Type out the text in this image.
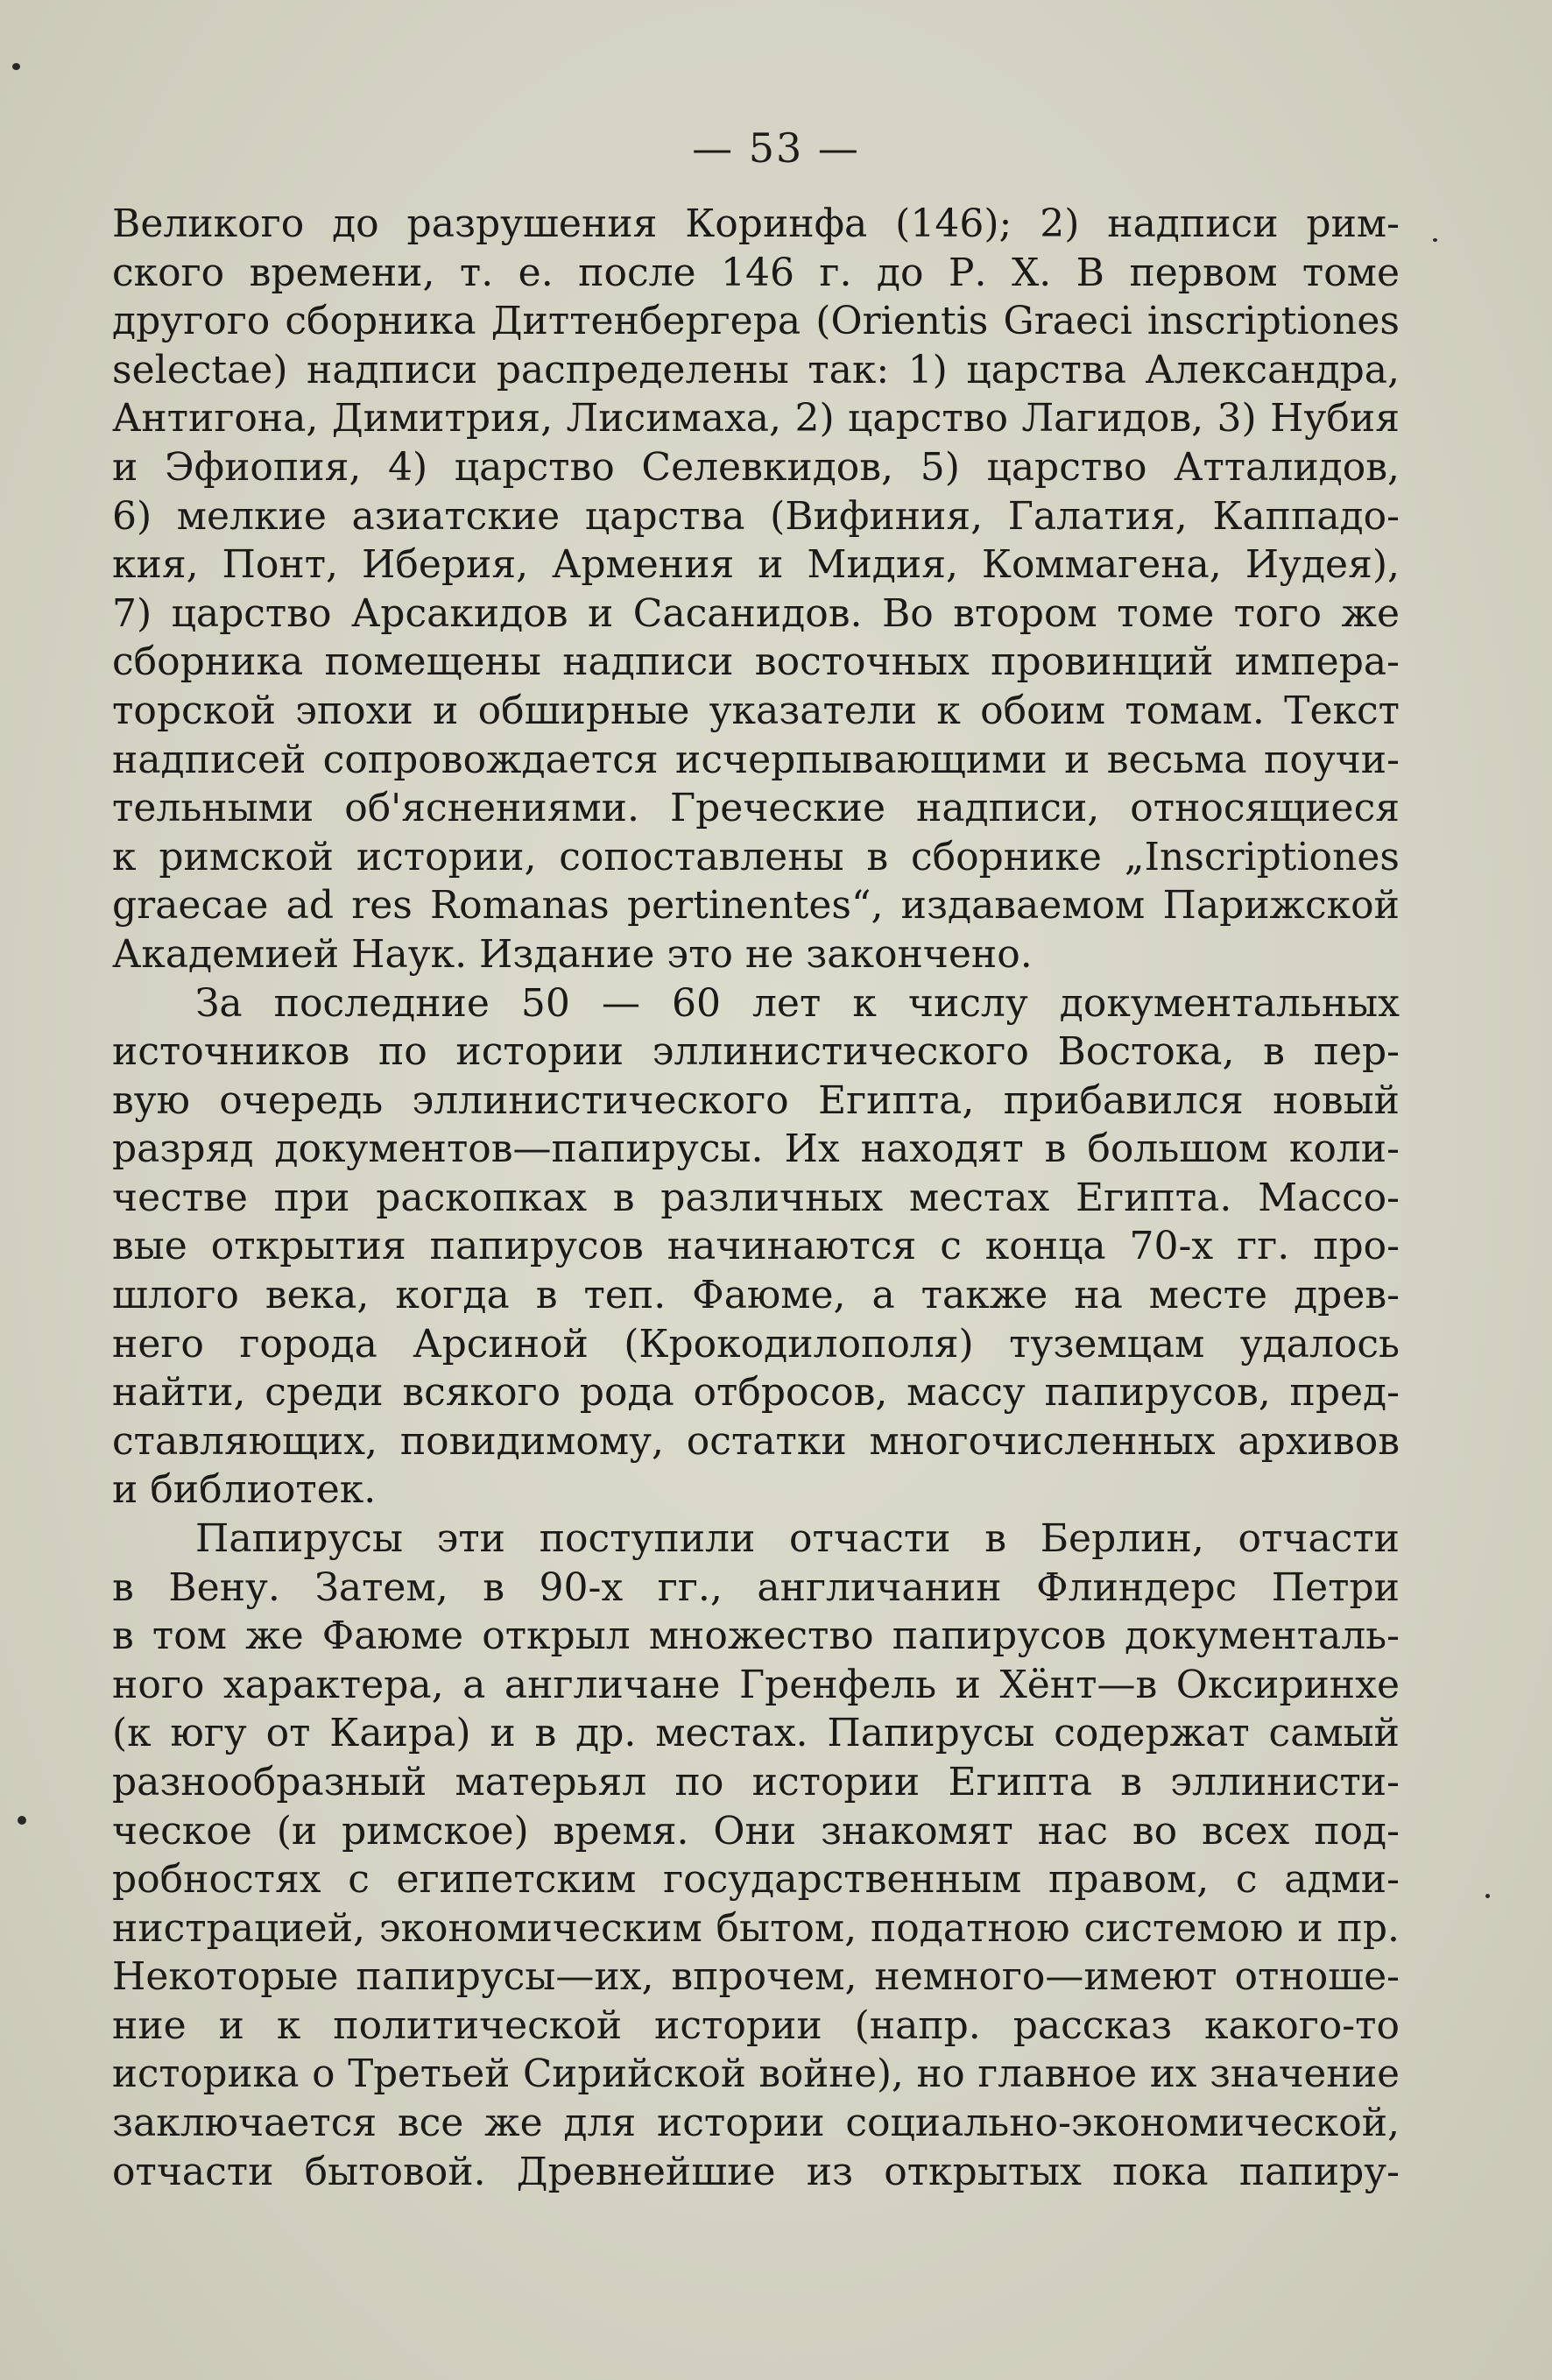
— 53 —
Великого до разрушения Коринфа (146); 2) надписи рим-
ского времени, т. е. после 146 г. до Р. Х. В первом томе
другого сборника Диттенбергера (Orientis Graeci inscriptiones
selectae) надписи распределены так: 1) царства Александра,
Антигона, Димитрия, Лисимаха, 2) царство Лагидов, 3) Нубия
и Эфиопия, 4) царство Селевкидов, 5) царство Атталидов,
6) мелкие азиатские царства (Вифиния, Галатия, Каппадо-
кия, Понт, Иберия, Армения и Мидия, Коммагена, Иудея),
7) царство Арсакидов и Сасанидов. Во втором томе того же
сборника помещены надписи восточных провинций импера-
торской эпохи и обширные указатели к обоим томам. Текст
надписей сопровождается исчерпывающими и весьма поучи-
тельными об'яснениями. Греческие надписи, относящиеся
к римской истории, сопоставлены в сборнике „Inscriptiones
graecae ad res Romanas pertinentes“, издаваемом Парижской
Академией Наук. Издание это не закончено.
За последние 50 — 60 лет к числу документальных
источников по истории эллинистического Востока, в пер-
вую очередь эллинистического Египта, прибавился новый
разряд документов—папирусы. Их находят в большом коли-
честве при раскопках в различных местах Египта. Массо-
вые открытия папирусов начинаются с конца 70-х гг. про-
шлого века, когда в теп. Фаюме, а также на месте древ-
него города Арсиной (Крокодилополя) туземцам удалось
найти, среди всякого рода отбросов, массу папирусов, пред-
ставляющих, повидимому, остатки многочисленных архивов
и библиотек.
Папирусы эти поступили отчасти в Берлин, отчасти
в Вену. Затем, в 90-х гг., англичанин Флиндерс Петри
в том же Фаюме открыл множество папирусов документаль-
ного характера, а англичане Гренфель и Хёнт—в Оксиринхе
(к югу от Каира) и в др. местах. Папирусы содержат самый
разнообразный матерьял по истории Египта в эллинисти-
ческое (и римское) время. Они знакомят нас во всех под-
робностях с египетским государственным правом, с адми-
нистрацией, экономическим бытом, податною системою и пр.
Некоторые папирусы—их, впрочем, немного—имеют отноше-
ние и к политической истории (напр. рассказ какого-то
историка о Третьей Сирийской войне), но главное их значение
заключается все же для истории социально-экономической,
отчасти бытовой. Древнейшие из открытых пока папиру-
